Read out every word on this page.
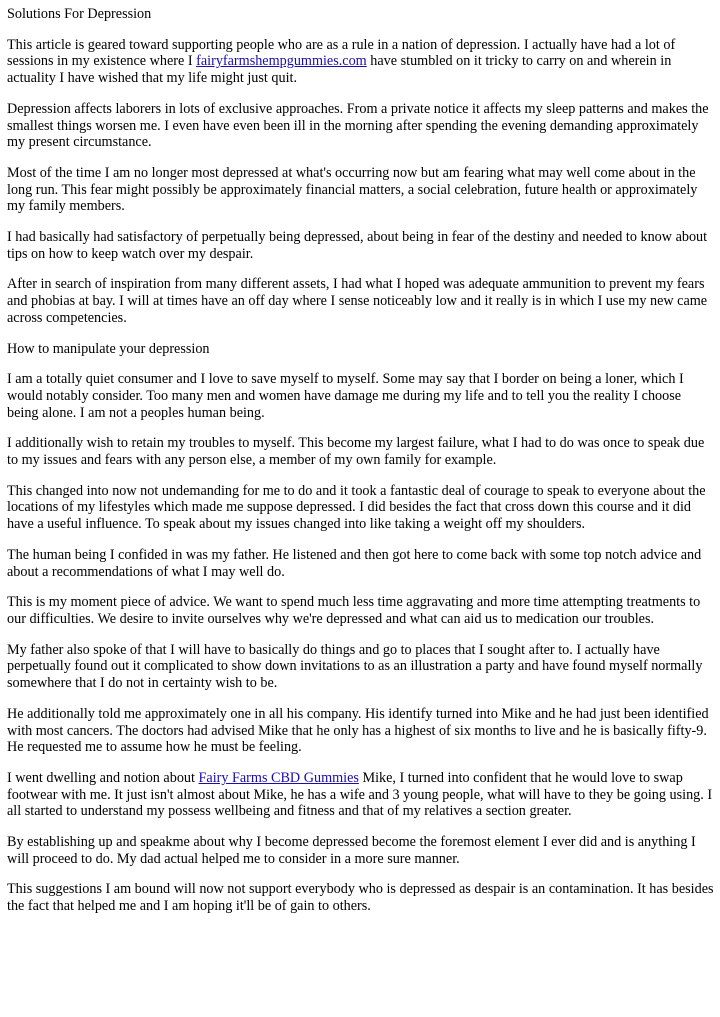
Solutions For Depression

This article is geared toward supporting people who are as a rule in a nation of depression. I actually have had a lot of sessions in my existence where I fairyfarmshempgummies.com have stumbled on it tricky to carry on and wherein in actuality I have wished that my life might just quit.

Depression affects laborers in lots of exclusive approaches. From a private notice it affects my sleep patterns and makes the smallest things worsen me. I even have even been ill in the morning after spending the evening demanding approximately my present circumstance.

Most of the time I am no longer most depressed at what's occurring now but am fearing what may well come about in the long run. This fear might possibly be approximately financial matters, a social celebration, future health or approximately my family members.

I had basically had satisfactory of perpetually being depressed, about being in fear of the destiny and needed to know about tips on how to keep watch over my despair.

After in search of inspiration from many different assets, I had what I hoped was adequate ammunition to prevent my fears and phobias at bay. I will at times have an off day where I sense noticeably low and it really is in which I use my new came across competencies.

How to manipulate your depression

I am a totally quiet consumer and I love to save myself to myself. Some may say that I border on being a loner, which I would notably consider. Too many men and women have damage me during my life and to tell you the reality I choose being alone. I am not a peoples human being.

I additionally wish to retain my troubles to myself. This become my largest failure, what I had to do was once to speak due to my issues and fears with any person else, a member of my own family for example.

This changed into now not undemanding for me to do and it took a fantastic deal of courage to speak to everyone about the locations of my lifestyles which made me suppose depressed. I did besides the fact that cross down this course and it did have a useful influence. To speak about my issues changed into like taking a weight off my shoulders.

The human being I confided in was my father. He listened and then got here to come back with some top notch advice and about a recommendations of what I may well do.

This is my moment piece of advice. We want to spend much less time aggravating and more time attempting treatments to our difficulties. We desire to invite ourselves why we're depressed and what can aid us to medication our troubles.

My father also spoke of that I will have to basically do things and go to places that I sought after to. I actually have perpetually found out it complicated to show down invitations to as an illustration a party and have found myself normally somewhere that I do not in certainty wish to be.

He additionally told me approximately one in all his company. His identify turned into Mike and he had just been identified with most cancers. The doctors had advised Mike that he only has a highest of six months to live and he is basically fifty-9. He requested me to assume how he must be feeling.

I went dwelling and notion about Fairy Farms CBD Gummies Mike, I turned into confident that he would love to swap footwear with me. It just isn't almost about Mike, he has a wife and 3 young people, what will have to they be going using. I all started to understand my possess wellbeing and fitness and that of my relatives a section greater.

By establishing up and speakme about why I become depressed become the foremost element I ever did and is anything I will proceed to do. My dad actual helped me to consider in a more sure manner.

This suggestions I am bound will now not support everybody who is depressed as despair is an contamination. It has besides the fact that helped me and I am hoping it'll be of gain to others.
